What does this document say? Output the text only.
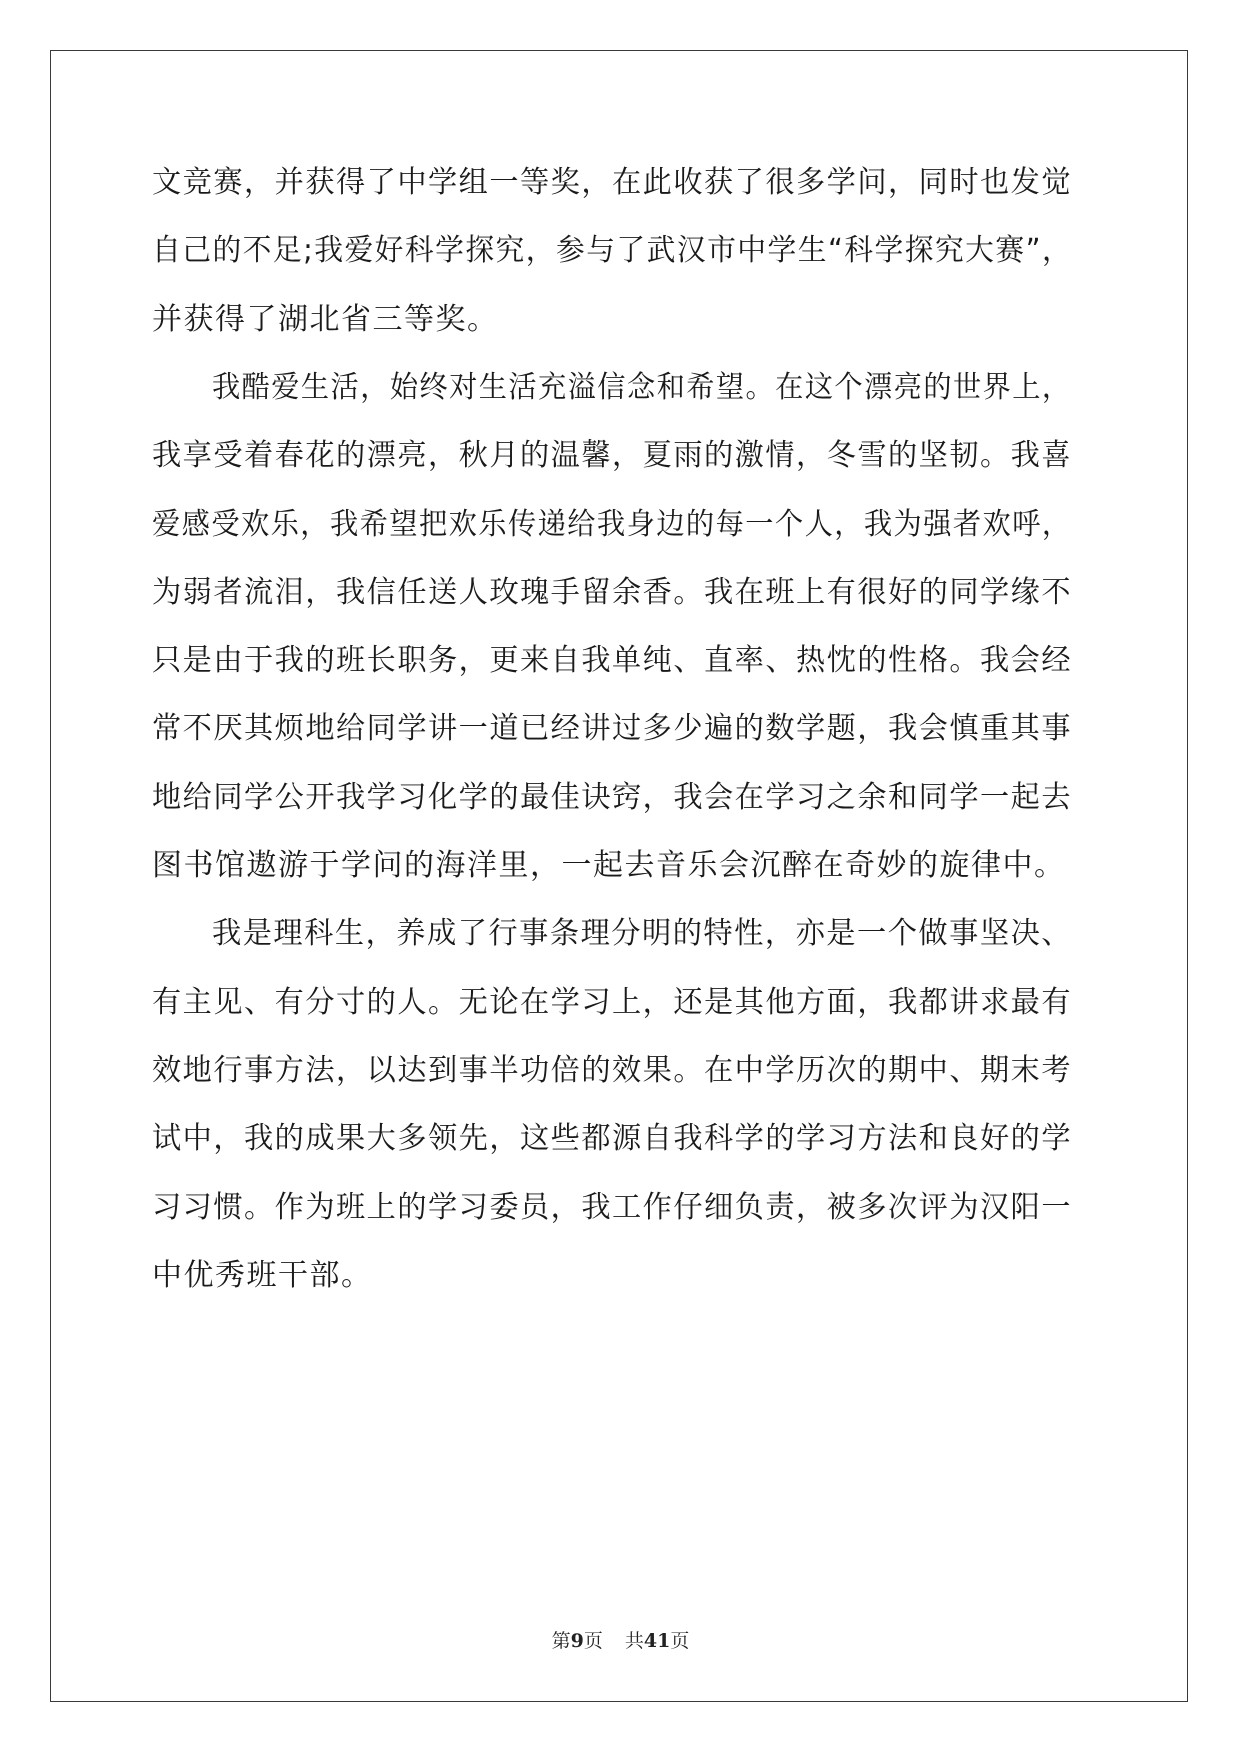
文竞赛，并获得了中学组一等奖，在此收获了很多学问，同时也发觉
自己的不足;我爱好科学探究，参与了武汉市中学生“科学探究大赛”，
并获得了湖北省三等奖。
我酷爱生活，始终对生活充溢信念和希望。在这个漂亮的世界上，
我享受着春花的漂亮，秋月的温馨，夏雨的激情，冬雪的坚韧。我喜
爱感受欢乐，我希望把欢乐传递给我身边的每一个人，我为强者欢呼，
为弱者流泪，我信任送人玫瑰手留余香。我在班上有很好的同学缘不
只是由于我的班长职务，更来自我单纯、直率、热忱的性格。我会经
常不厌其烦地给同学讲一道已经讲过多少遍的数学题，我会慎重其事
地给同学公开我学习化学的最佳诀窍，我会在学习之余和同学一起去
图书馆遨游于学问的海洋里，一起去音乐会沉醉在奇妙的旋律中。
我是理科生，养成了行事条理分明的特性，亦是一个做事坚决、
有主见、有分寸的人。无论在学习上，还是其他方面，我都讲求最有
效地行事方法，以达到事半功倍的效果。在中学历次的期中、期末考
试中，我的成果大多领先，这些都源自我科学的学习方法和良好的学
习习惯。作为班上的学习委员，我工作仔细负责，被多次评为汉阳一
中优秀班干部。
第9页 共41页
